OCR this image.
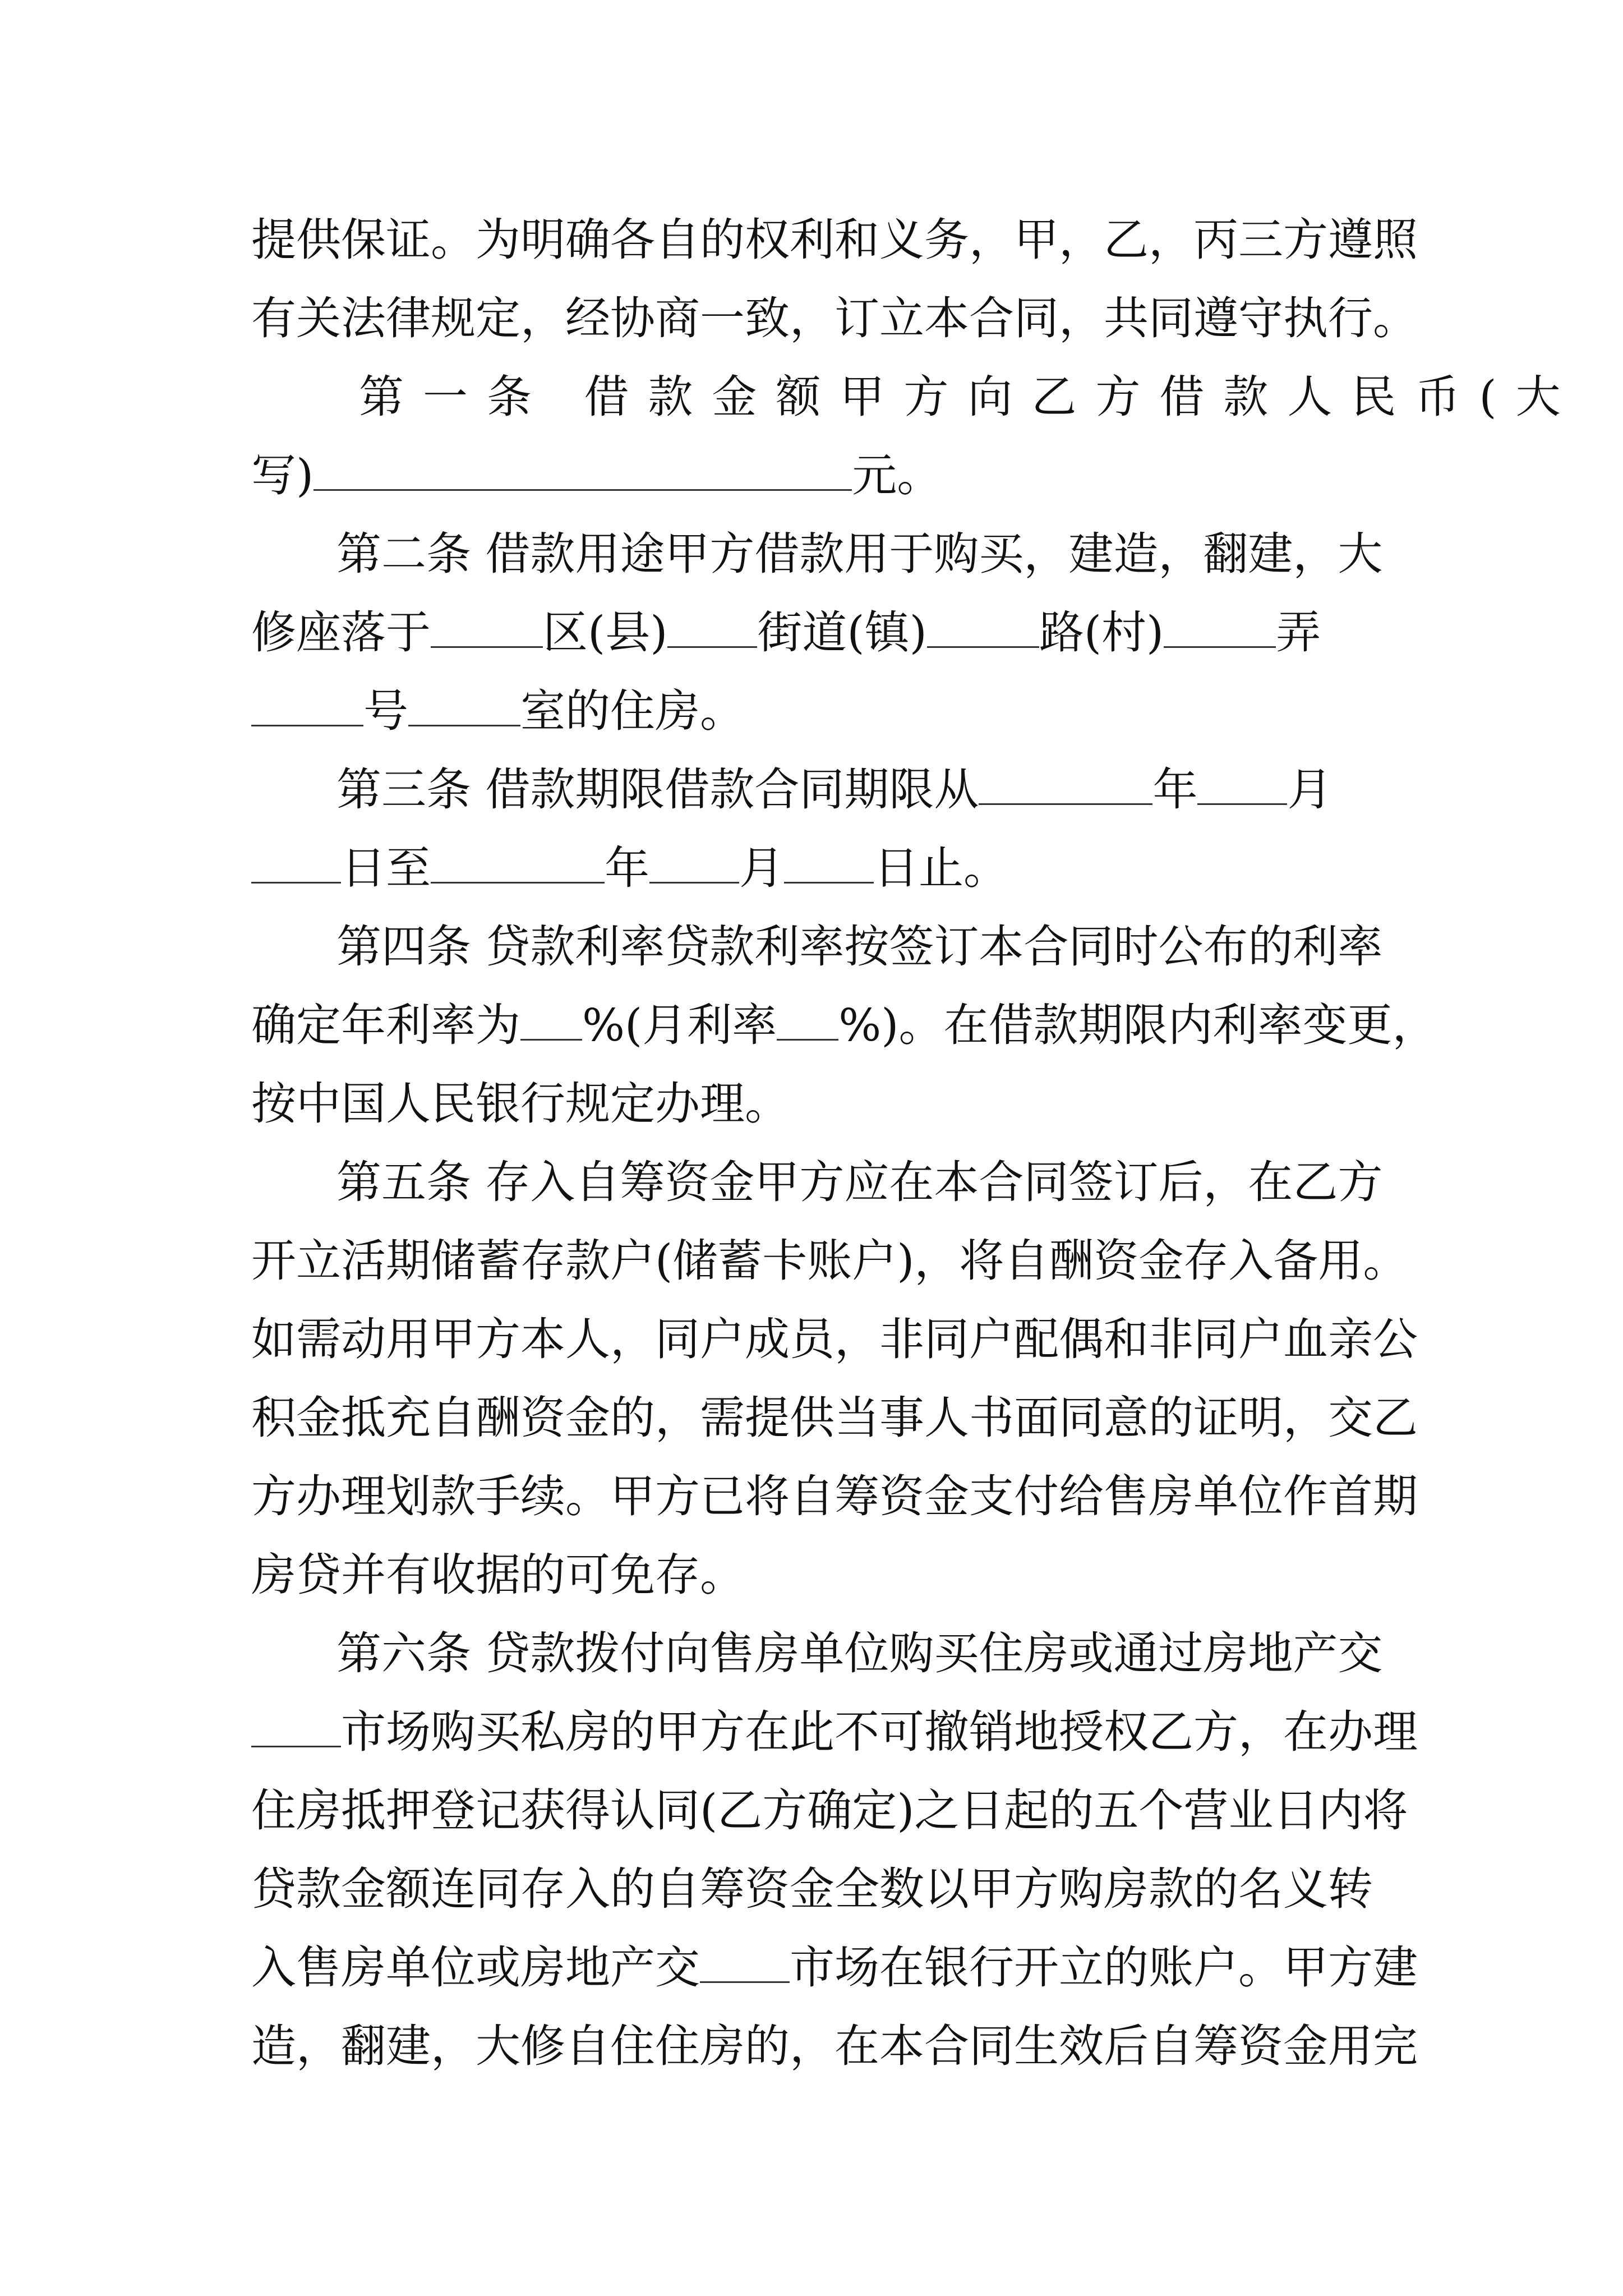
提供保证。为明确各自的权利和义务，甲，乙，丙三方遵照
有关法律规定，经协商一致，订立本合同，共同遵守执行。
第一条 借款金额甲方向乙方借款人民币(大
写)	元。
第二条 借款用途甲方借款用于购买，建造，翻建，大
修座落于	区(县) 街道(镇)	路(村)	弄
号	室的住房。
第三条 借款期限借款合同期限从	年 月
日至	年 月 日止。
第四条 贷款利率贷款利率按签订本合同时公布的利率
确定年利率为 %(月利率 %)。在借款期限内利率变更，
按中国人民银行规定办理。
第五条 存入自筹资金甲方应在本合同签订后，在乙方
开立活期储蓄存款户(储蓄卡账户)，将自酬资金存入备用。
如需动用甲方本人，同户成员，非同户配偶和非同户血亲公
积金抵充自酬资金的，需提供当事人书面同意的证明，交乙
方办理划款手续。甲方已将自筹资金支付给售房单位作首期
房贷并有收据的可免存。
第六条 贷款拨付向售房单位购买住房或通过房地产交
市场购买私房的甲方在此不可撤销地授权乙方，在办理
住房抵押登记获得认同(乙方确定)之日起的五个营业日内将
贷款金额连同存入的自筹资金全数以甲方购房款的名义转
入售房单位或房地产交 市场在银行开立的账户。甲方建
造，翻建，大修自住住房的，在本合同生效后自筹资金用完
